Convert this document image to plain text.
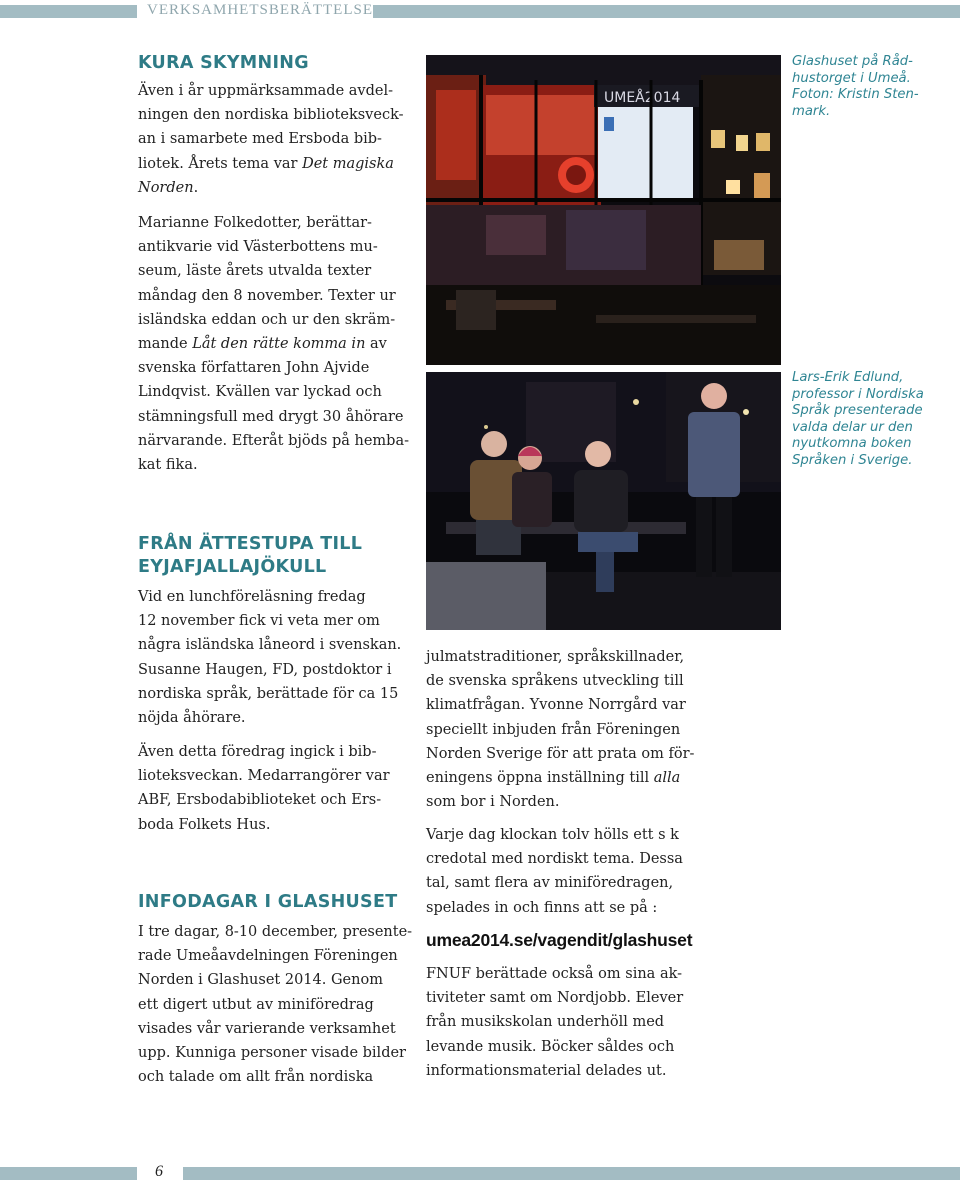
VERKSAMHETSBERÄTTELSE
KURA SKYMNING

Även i år uppmärksammade avdel-
ningen den nordiska biblioteksveck-
an i samarbete med Ersboda bib-
liotek. Årets tema var Det magiska
Norden.

Marianne Folkedotter, berättar-
antikvarie vid Västerbottens mu-
seum, läste årets utvalda texter
måndag den 8 november. Texter ur
isländska eddan och ur den skräm-
mande Låt den rätte komma in av
svenska författaren John Ajvide
Lindqvist. Kvällen var lyckad och
stämningsfull med drygt 30 åhörare
närvarande. Efteråt bjöds på hemba-
kat fika.

UMEÅ2014
Glashuset på Råd-
hustorget i Umeå.
Foton: Kristin Sten-
mark.
Lars-Erik Edlund,
professor i Nordiska
Språk presenterade
valda delar ur den
nyutkomna boken
Språken i Sverige.
FRÅN ÄTTESTUPA TILL
EYJAFJALLAJÖKULL

Vid en lunchföreläsning fredag
12 november fick vi veta mer om
några isländska låneord i svenskan.
Susanne Haugen, FD, postdoktor i
nordiska språk, berättade för ca 15
nöjda åhörare.

Även detta föredrag ingick i bib-
lioteksveckan. Medarrangörer var
ABF, Ersbodabiblioteket och Ers-
boda Folkets Hus.

INFODAGAR I GLASHUSET

I tre dagar, 8-10 december, presente-
rade Umeåavdelningen Föreningen
Norden i Glashuset 2014. Genom
ett digert utbut av miniföredrag
visades vår varierande verksamhet
upp. Kunniga personer visade bilder
och talade om allt från nordiska

julmatstraditioner, språkskillnader,
de svenska språkens utveckling till
klimatfrågan. Yvonne Norrgård var
speciellt inbjuden från Föreningen
Norden Sverige för att prata om för-
eningens öppna inställning till alla
som bor i Norden.

Varje dag klockan tolv hölls ett s k
credotal med nordiskt tema. Dessa
tal, samt flera av miniföredragen,
spelades in och finns att se på :

umea2014.se/vagendit/glashuset

FNUF berättade också om sina ak-
tiviteter samt om Nordjobb. Elever
från musikskolan underhöll med
levande musik. Böcker såldes och
informationsmaterial delades ut.

6
